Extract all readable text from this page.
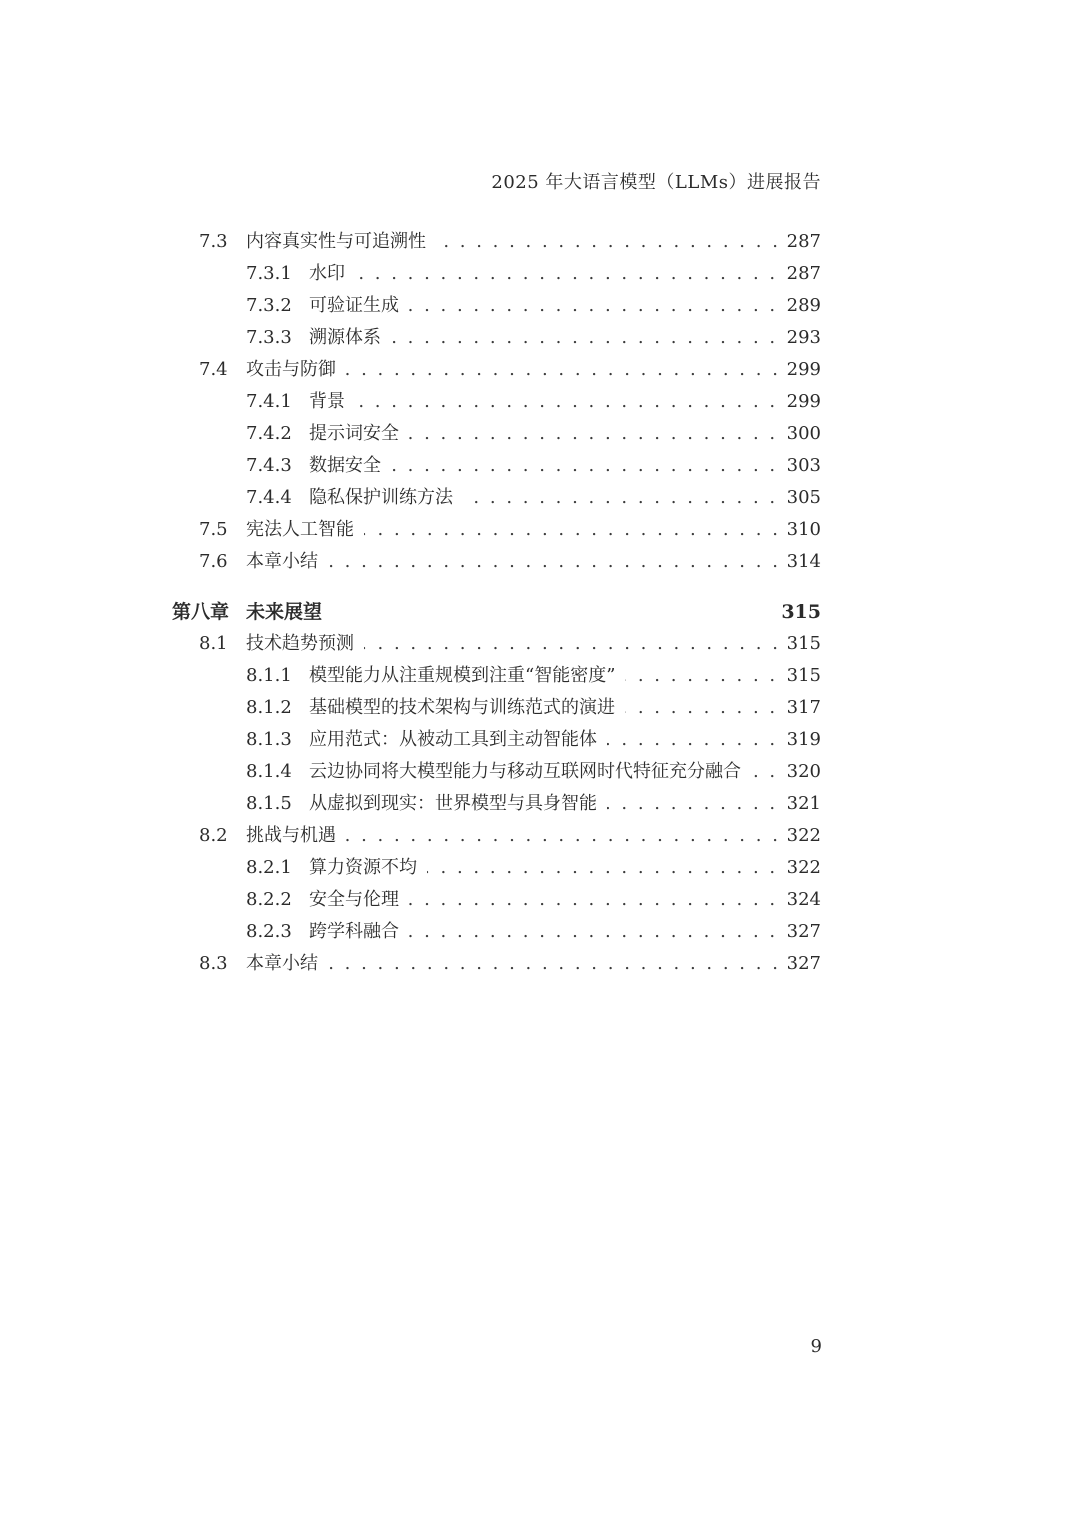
2025 年大语言模型（LLMs）进展报告
. . .
7.3 内容真实性与可追溯性	287
. . .
7.3.1 水印	287
. . .
7.3.2 可验证生成	289
. . .
7.3.3 溯源体系	293
. . .
7.4 攻击与防御	299
. . .
7.4.1 背景	299
. . .
7.4.2 提示词安全	300
. . .
7.4.3 数据安全	303
. . .
7.4.4 隐私保护训练方法	305
. . .
7.5 宪法人工智能	310
. . .
7.6 本章小结	314
第八章 未来展望	315
. . .
8.1 技术趋势预测	315
. . .
8.1.1 模型能力从注重规模到注重“智能密度”	315
. . .
8.1.2 基础模型的技术架构与训练范式的演进	317
. . .
8.1.3 应用范式：从被动工具到主动智能体	319
. . .
8.1.4 云边协同将大模型能力与移动互联网时代特征充分融合	320
. . .
8.1.5 从虚拟到现实：世界模型与具身智能	321
. . .
8.2 挑战与机遇	322
. . .
8.2.1 算力资源不均	322
. . .
8.2.2 安全与伦理	324
. . .
8.2.3 跨学科融合	327
. . .
8.3 本章小结	327
9
